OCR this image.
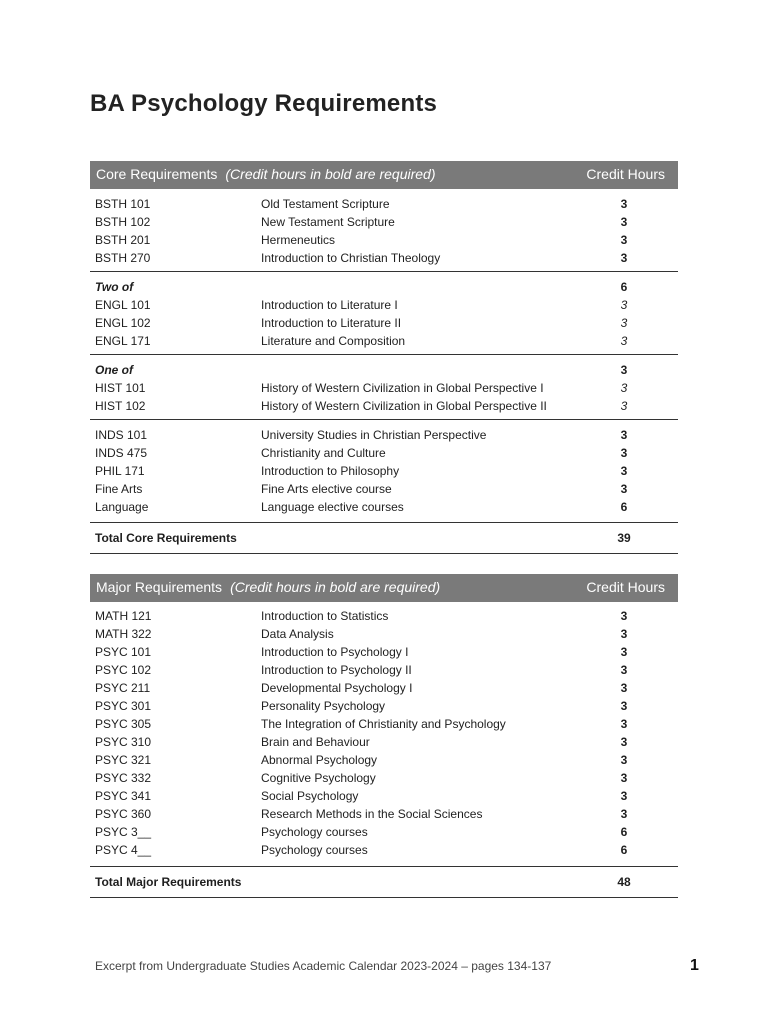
BA Psychology Requirements
Core Requirements (Credit hours in bold are required)	Credit Hours
BSTH 101	Old Testament Scripture	3
BSTH 102	New Testament Scripture	3
BSTH 201	Hermeneutics	3
BSTH 270	Introduction to Christian Theology	3
Two of	6
ENGL 101	Introduction to Literature I	3
ENGL 102	Introduction to Literature II	3
ENGL 171	Literature and Composition	3
One of	3
HIST 101	History of Western Civilization in Global Perspective I	3
HIST 102	History of Western Civilization in Global Perspective II	3
INDS 101	University Studies in Christian Perspective	3
INDS 475	Christianity and Culture	3
PHIL 171	Introduction to Philosophy	3
Fine Arts	Fine Arts elective course	3
Language	Language elective courses	6
Total Core Requirements	39
Major Requirements (Credit hours in bold are required)	Credit Hours
MATH 121	Introduction to Statistics	3
MATH 322	Data Analysis	3
PSYC 101	Introduction to Psychology I	3
PSYC 102	Introduction to Psychology II	3
PSYC 211	Developmental Psychology I	3
PSYC 301	Personality Psychology	3
PSYC 305	The Integration of Christianity and Psychology	3
PSYC 310	Brain and Behaviour	3
PSYC 321	Abnormal Psychology	3
PSYC 332	Cognitive Psychology	3
PSYC 341	Social Psychology	3
PSYC 360	Research Methods in the Social Sciences	3
PSYC 3__	Psychology courses	6
PSYC 4__	Psychology courses	6
Total Major Requirements	48
Excerpt from Undergraduate Studies Academic Calendar 2023-2024 – pages 134-137	1
